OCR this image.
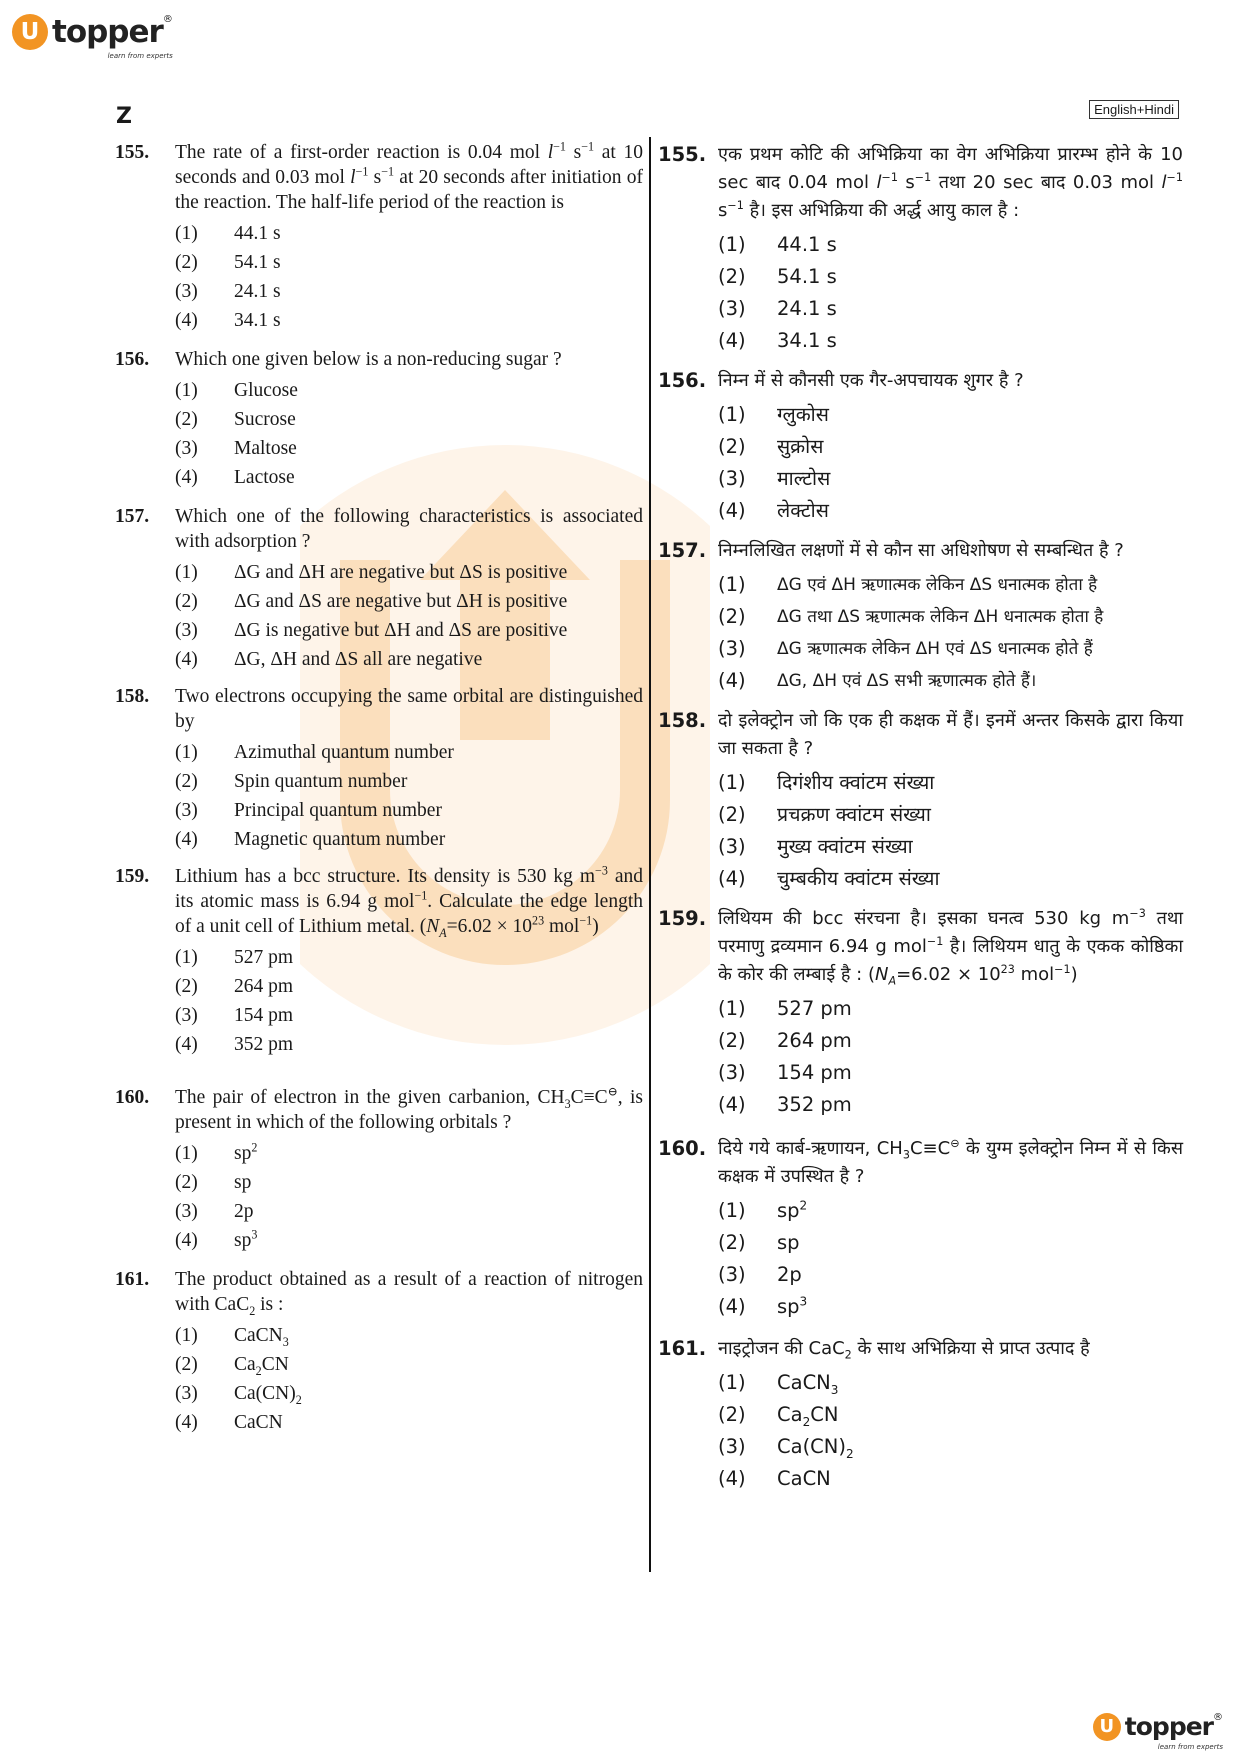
U topper®
learn from experts
Z	English+Hindi
155. The rate of a first-order reaction is 0.04 mol $l^{-1}$ $s^{-1}$ at 10 seconds and 0.03 mol $l^{-1}$ $s^{-1}$ at 20 seconds after initiation of the reaction. The half-life period of the reaction is
(1)	44.1 s
(2)	54.1 s
(3)	24.1 s
(4)	34.1 s
156. Which one given below is a non-reducing sugar ?
(1)	Glucose
(2)	Sucrose
(3)	Maltose
(4)	Lactose
157. Which one of the following characteristics is associated with adsorption ?
(1)	ΔG and ΔH are negative but ΔS is positive
(2)	ΔG and ΔS are negative but ΔH is positive
(3)	ΔG is negative but ΔH and ΔS are positive
(4)	ΔG, ΔH and ΔS all are negative
158. Two electrons occupying the same orbital are distinguished by
(1)	Azimuthal quantum number
(2)	Spin quantum number
(3)	Principal quantum number
(4)	Magnetic quantum number
159. Lithium has a bcc structure. Its density is 530 kg $m^{-3}$ and its atomic mass is 6.94 g mol$^{-1}$. Calculate the edge length of a unit cell of Lithium metal. ($N_A=6.02 \times 10^{23}$ mol$^{-1}$)
(1)	527 pm
(2)	264 pm
(3)	154 pm
(4)	352 pm
160. The pair of electron in the given carbanion, $CH_3C\equiv C^⊖$, is present in which of the following orbitals ?
(1)	$sp^2$
(2)	sp
(3)	2p
(4)	$sp^3$
161. The product obtained as a result of a reaction of nitrogen with CaC$_2$ is :
(1)	CaCN$_3$
(2)	$Ca_2CN$
(3)	$Ca(CN)_2$
(4)	CaCN
155. एक प्रथम कोटि की अभिक्रिया का वेग अभिक्रिया प्रारम्भ होने के 10 sec बाद 0.04 mol $l^{-1}$ $s^{-1}$ तथा 20 sec बाद 0.03 mol $l^{-1}$ $s^{-1}$ है। इस अभिक्रिया की अर्द्ध आयु काल है :
(1)	44.1 s
(2)	54.1 s
(3)	24.1 s
(4)	34.1 s
156. निम्न में से कौनसी एक गैर-अपचायक शुगर है ?
(1)	ग्लुकोस
(2)	सुक्रोस
(3)	माल्टोस
(4)	लेक्टोस
157. निम्नलिखित लक्षणों में से कौन सा अधिशोषण से सम्बन्धित है ?
(1)	ΔG एवं ΔH ऋणात्मक लेकिन ΔS धनात्मक होता है
(2)	ΔG तथा ΔS ऋणात्मक लेकिन ΔH धनात्मक होता है
(3)	ΔG ऋणात्मक लेकिन ΔH एवं ΔS धनात्मक होते हैं
(4)	ΔG, ΔH एवं ΔS सभी ऋणात्मक होते हैं।
158. दो इलेक्ट्रोन जो कि एक ही कक्षक में हैं। इनमें अन्तर किसके द्वारा किया जा सकता है ?
(1)	दिगंशीय क्वांटम संख्या
(2)	प्रचक्रण क्वांटम संख्या
(3)	मुख्य क्वांटम संख्या
(4)	चुम्बकीय क्वांटम संख्या
159. लिथियम की bcc संरचना है। इसका घनत्व 530 kg $m^{-3}$ तथा परमाणु द्रव्यमान 6.94 g mol$^{-1}$ है। लिथियम धातु के एकक कोष्ठिका के कोर की लम्बाई है : ($N_A=6.02 \times 10^{23}$ mol$^{-1}$)
(1)	527 pm
(2)	264 pm
(3)	154 pm
(4)	352 pm
160. दिये गये कार्ब-ऋणायन, $CH_3C\equiv C^⊖$ के युग्म इलेक्ट्रोन निम्न में से किस कक्षक में उपस्थित है ?
(1)	$sp^2$
(2)	sp
(3)	2p
(4)	$sp^3$
161. नाइट्रोजन की CaC$_2$ के साथ अभिक्रिया से प्राप्त उत्पाद है
(1)	CaCN$_3$
(2)	$Ca_2CN$
(3)	$Ca(CN)_2$
(4)	CaCN
U topper®
learn from experts
